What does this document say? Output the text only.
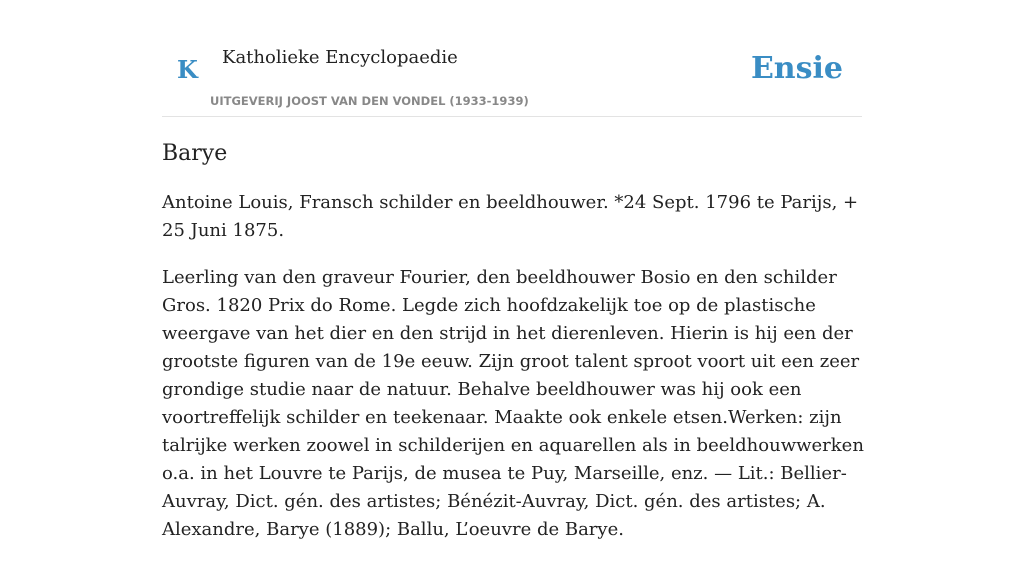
K Katholieke Encyclopaedie
UITGEVERIJ JOOST VAN DEN VONDEL (1933-1939)
Ensie
Barye

Antoine Louis, Fransch schilder en beeldhouwer. *24 Sept. 1796 te Parijs, + 25 Juni 1875.

Leerling van den graveur Fourier, den beeldhouwer Bosio en den schilder Gros. 1820 Prix do Rome. Legde zich hoofdzakelijk toe op de plastische weergave van het dier en den strijd in het dierenleven. Hierin is hij een der grootste figuren van de 19e eeuw. Zijn groot talent sproot voort uit een zeer grondige studie naar de natuur. Behalve beeldhouwer was hij ook een voortreffelijk schilder en teekenaar. Maakte ook enkele etsen.Werken: zijn talrijke werken zoowel in schilderijen en aquarellen als in beeldhouwwerken o.a. in het Louvre te Parijs, de musea te Puy, Marseille, enz. — Lit.: Bellier-Auvray, Dict. gén. des artistes; Bénézit-Auvray, Dict. gén. des artistes; A. Alexandre, Barye (1889); Ballu, L’oeuvre de Barye.
